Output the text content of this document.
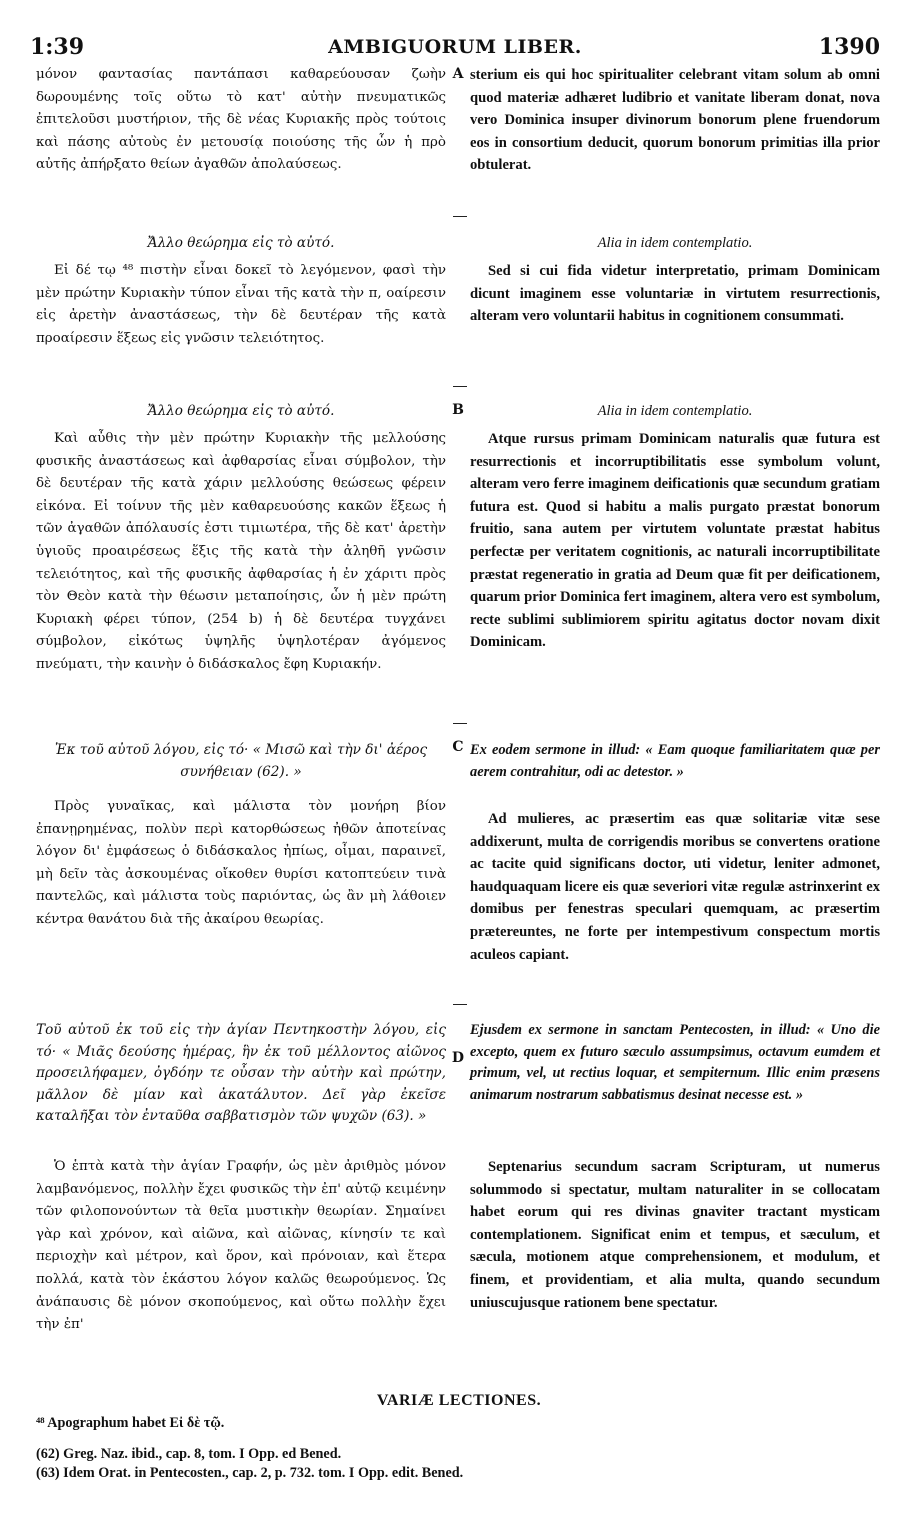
1:39	AMBIGUORUM LIBER.	1390
A
B
C
D

μόνον φαντασίας παντάπασι καθαρεύουσαν ζωὴν δωρουμένης τοῖς οὕτω τὸ κατ' αὐτὴν πνευματικῶς ἐπιτελοῦσι μυστήριον, τῆς δὲ νέας Κυριακῆς πρὸς τούτοις καὶ πάσης αὐτοὺς ἐν μετουσίᾳ ποιούσης τῆς ὧν ἡ πρὸ αὐτῆς ἀπήρξατο θείων ἀγαθῶν ἀπολαύσεως.

Ἄλλο θεώρημα εἰς τὸ αὐτό.

Εἰ δέ τῳ ⁴⁸ πιστὴν εἶναι δοκεῖ τὸ λεγόμενον, φασὶ τὴν μὲν πρώτην Κυριακὴν τύπον εἶναι τῆς κατὰ τὴν π, οαίρεσιν εἰς ἀρετὴν ἀναστάσεως, τὴν δὲ δευτέραν τῆς κατὰ προαίρεσιν ἕξεως εἰς γνῶσιν τελειότητος.

Ἄλλο θεώρημα εἰς τὸ αὐτό.

Καὶ αὖθις τὴν μὲν πρώτην Κυριακὴν τῆς μελλούσης φυσικῆς ἀναστάσεως καὶ ἀφθαρσίας εἶναι σύμβολον, τὴν δὲ δευτέραν τῆς κατὰ χάριν μελλούσης θεώσεως φέρειν εἰκόνα. Εἰ τοίνυν τῆς μὲν καθαρευούσης κακῶν ἕξεως ἡ τῶν ἀγαθῶν ἀπόλαυσίς ἐστι τιμιωτέρα, τῆς δὲ κατ' ἀρετὴν ὑγιοῦς προαιρέσεως ἕξις τῆς κατὰ τὴν ἀληθῆ γνῶσιν τελειότητος, καὶ τῆς φυσικῆς ἀφθαρσίας ἡ ἐν χάριτι πρὸς τὸν Θεὸν κατὰ τὴν θέωσιν μεταποίησις, ὧν ἡ μὲν πρώτη Κυριακὴ φέρει τύπον, (254 b) ἡ δὲ δευτέρα τυγχάνει σύμβολον, εἰκότως ὑψηλῆς ὑψηλοτέραν ἀγόμενος πνεύματι, τὴν καινὴν ὁ διδάσκαλος ἔφη Κυριακήν.

Ἐκ τοῦ αὐτοῦ λόγου, εἰς τό· « Μισῶ καὶ τὴν δι' ἀέρος συνήθειαν (62). »

Πρὸς γυναῖκας, καὶ μάλιστα τὸν μονήρη βίον ἐπανῃρημένας, πολὺν περὶ κατορθώσεως ἠθῶν ἀποτείνας λόγον δι' ἐμφάσεως ὁ διδάσκαλος ἠπίως, οἶμαι, παραινεῖ, μὴ δεῖν τὰς ἀσκουμένας οἴκοθεν θυρίσι κατοπτεύειν τινὰ παντελῶς, καὶ μάλιστα τοὺς παριόντας, ὡς ἂν μὴ λάθοιεν κέντρα θανάτου διὰ τῆς ἀκαίρου θεωρίας.

Τοῦ αὐτοῦ ἐκ τοῦ εἰς τὴν ἁγίαν Πεντηκοστὴν λόγου, εἰς τό· « Μιᾶς δεούσης ἡμέρας, ἣν ἐκ τοῦ μέλλοντος αἰῶνος προσειλήφαμεν, ὀγδόην τε οὖσαν τὴν αὐτὴν καὶ πρώτην, μᾶλλον δὲ μίαν καὶ ἀκατάλυτον. Δεῖ γὰρ ἐκεῖσε καταλῆξαι τὸν ἐνταῦθα σαββατισμὸν τῶν ψυχῶν (63). »

Ὁ ἑπτὰ κατὰ τὴν ἁγίαν Γραφήν, ὡς μὲν ἀριθμὸς μόνον λαμβανόμενος, πολλὴν ἔχει φυσικῶς τὴν ἐπ' αὐτῷ κειμένην τῶν φιλοπονούντων τὰ θεῖα μυστικὴν θεωρίαν. Σημαίνει γὰρ καὶ χρόνον, καὶ αἰῶνα, καὶ αἰῶνας, κίνησίν τε καὶ περιοχὴν καὶ μέτρον, καὶ ὅρον, καὶ πρόνοιαν, καὶ ἕτερα πολλά, κατὰ τὸν ἑκάστου λόγον καλῶς θεωρούμενος. Ὡς ἀνάπαυσις δὲ μόνον σκοπούμενος, καὶ οὕτω πολλὴν ἔχει τὴν ἐπ'

sterium eis qui hoc spiritualiter celebrant vitam solum ab omni quod materiæ adhæret ludibrio et vanitate liberam donat, nova vero Dominica insuper divinorum bonorum plene fruendorum eos in consortium deducit, quorum bonorum primitias illa prior obtulerat.

Alia in idem contemplatio.

Sed si cui fida videtur interpretatio, primam Dominicam dicunt imaginem esse voluntariæ in virtutem resurrectionis, alteram vero voluntarii habitus in cognitionem consummati.

Alia in idem contemplatio.

Atque rursus primam Dominicam naturalis quæ futura est resurrectionis et incorruptibilitatis esse symbolum volunt, alteram vero ferre imaginem deificationis quæ secundum gratiam futura est. Quod si habitu a malis purgato præstat bonorum fruitio, sana autem per virtutem voluntate præstat habitus perfectæ per veritatem cognitionis, ac naturali incorruptibilitate præstat regeneratio in gratia ad Deum quæ fit per deificationem, quarum prior Dominica fert imaginem, altera vero est symbolum, recte sublimi sublimiorem spiritu agitatus doctor novam dixit Dominicam.

Ex eodem sermone in illud: « Eam quoque familiaritatem quæ per aerem contrahitur, odi ac detestor. »

Ad mulieres, ac præsertim eas quæ solitariæ vitæ sese addixerunt, multa de corrigendis moribus se convertens oratione ac tacite quid significans doctor, uti videtur, leniter admonet, haudquaquam licere eis quæ severiori vitæ regulæ astrinxerint ex domibus per fenestras speculari quemquam, ac præsertim prætereuntes, ne forte per intempestivum conspectum mortis aculeos capiant.

Ejusdem ex sermone in sanctam Pentecosten, in illud: « Uno die excepto, quem ex futuro sæculo assumpsimus, octavum eumdem et primum, vel, ut rectius loquar, et sempiternum. Illic enim præsens animarum nostrarum sabbatismus desinat necesse est. »

Septenarius secundum sacram Scripturam, ut numerus solummodo si spectatur, multam naturaliter in se collocatam habet eorum qui res divinas gnaviter tractant mysticam contemplationem. Significat enim et tempus, et sæculum, et sæcula, motionem atque comprehensionem, et modulum, et finem, et providentiam, et alia multa, quando secundum uniuscujusque rationem bene spectatur.

VARIÆ LECTIONES.

⁴⁸ Apographum habet Εἰ δὲ τῷ.

(62) Greg. Naz. ibid., cap. 8, tom. I Opp. ed Bened.

(63) Idem Orat. in Pentecosten., cap. 2, p. 732. tom. I Opp. edit. Bened.
